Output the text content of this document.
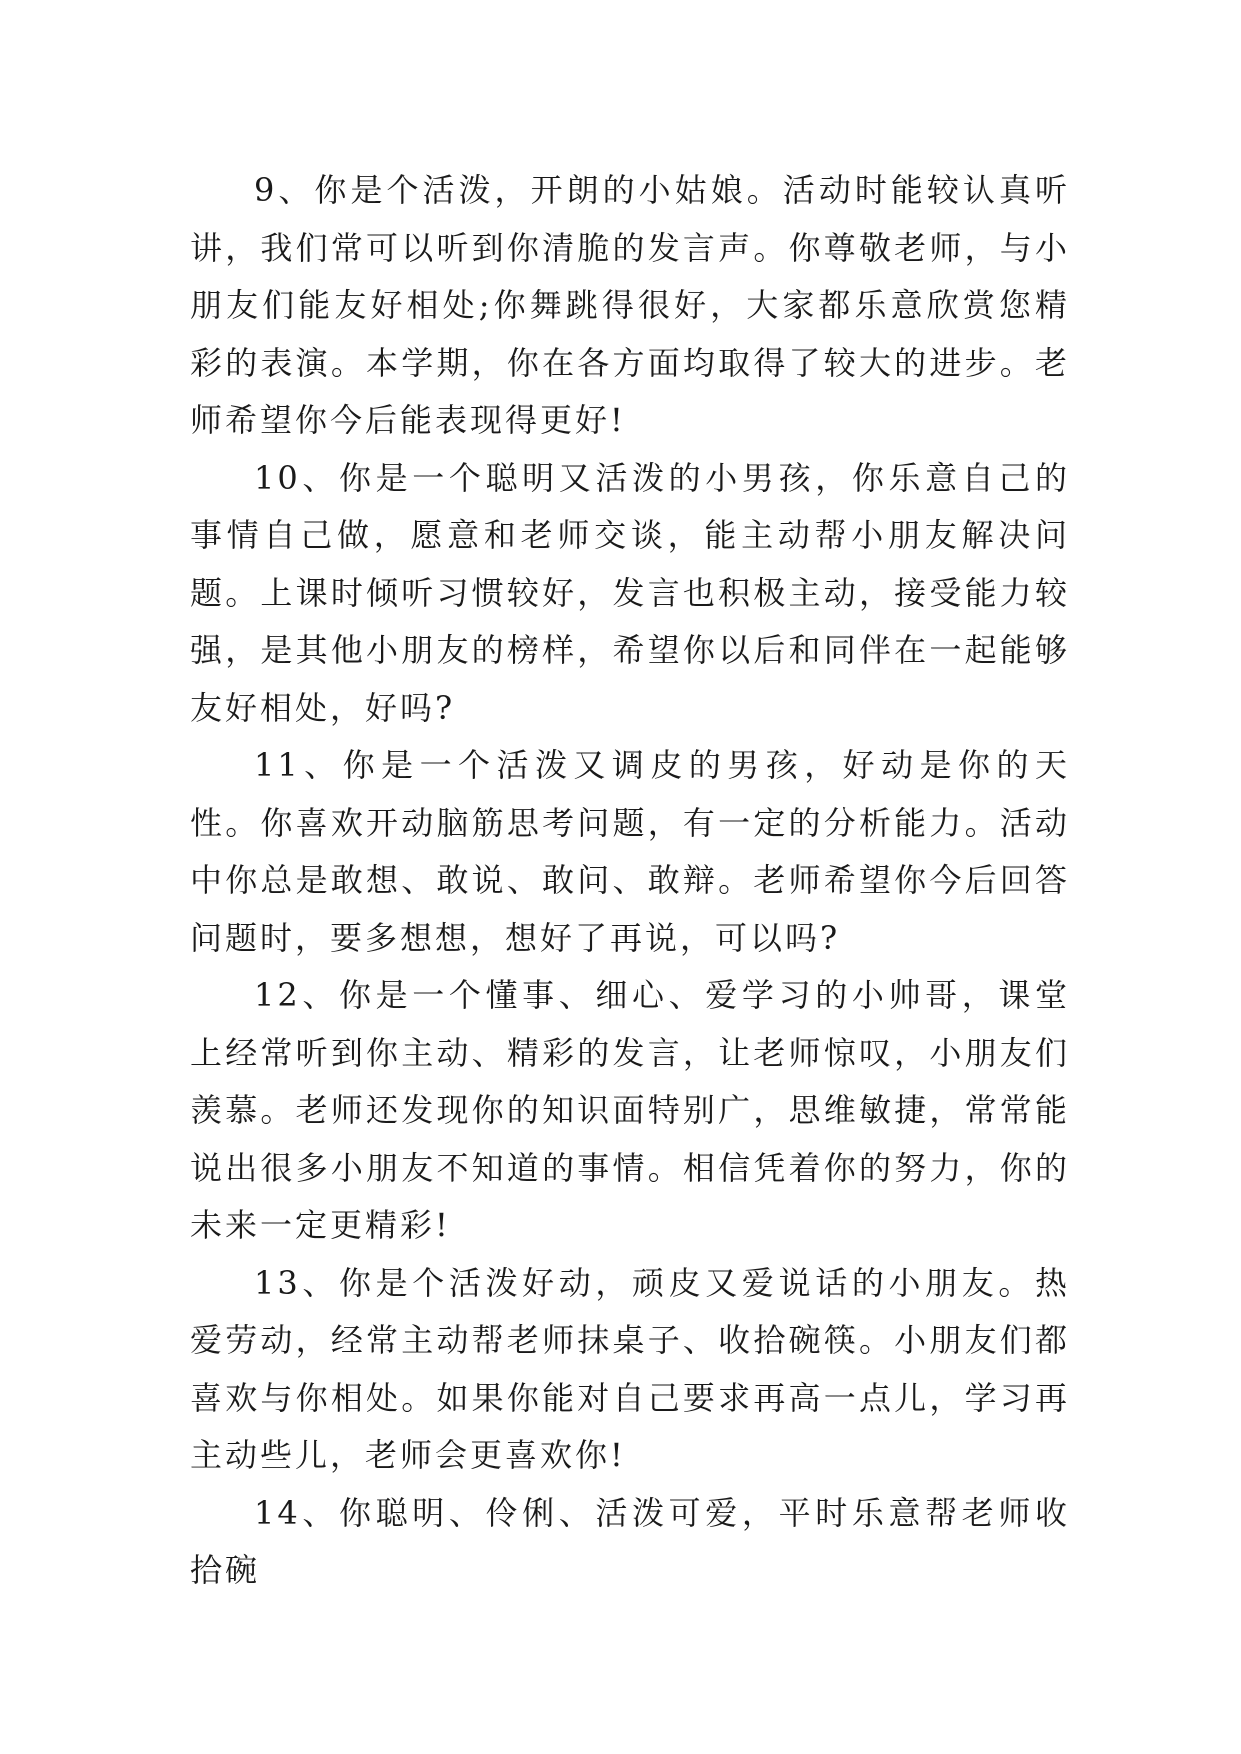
9、你是个活泼，开朗的小姑娘。活动时能较认真听讲，我们常可以听到你清脆的发言声。你尊敬老师，与小朋友们能友好相处;你舞跳得很好，大家都乐意欣赏您精彩的表演。本学期，你在各方面均取得了较大的进步。老师希望你今后能表现得更好!

10、你是一个聪明又活泼的小男孩，你乐意自己的事情自己做，愿意和老师交谈，能主动帮小朋友解决问题。上课时倾听习惯较好，发言也积极主动，接受能力较强，是其他小朋友的榜样，希望你以后和同伴在一起能够友好相处，好吗?

11、你是一个活泼又调皮的男孩，好动是你的天性。你喜欢开动脑筋思考问题，有一定的分析能力。活动中你总是敢想、敢说、敢问、敢辩。老师希望你今后回答问题时，要多想想，想好了再说，可以吗?

12、你是一个懂事、细心、爱学习的小帅哥，课堂上经常听到你主动、精彩的发言，让老师惊叹，小朋友们羡慕。老师还发现你的知识面特别广，思维敏捷，常常能说出很多小朋友不知道的事情。相信凭着你的努力，你的未来一定更精彩!

13、你是个活泼好动，顽皮又爱说话的小朋友。热爱劳动，经常主动帮老师抹桌子、收拾碗筷。小朋友们都喜欢与你相处。如果你能对自己要求再高一点儿，学习再主动些儿，老师会更喜欢你!

14、你聪明、伶俐、活泼可爱，平时乐意帮老师收拾碗
